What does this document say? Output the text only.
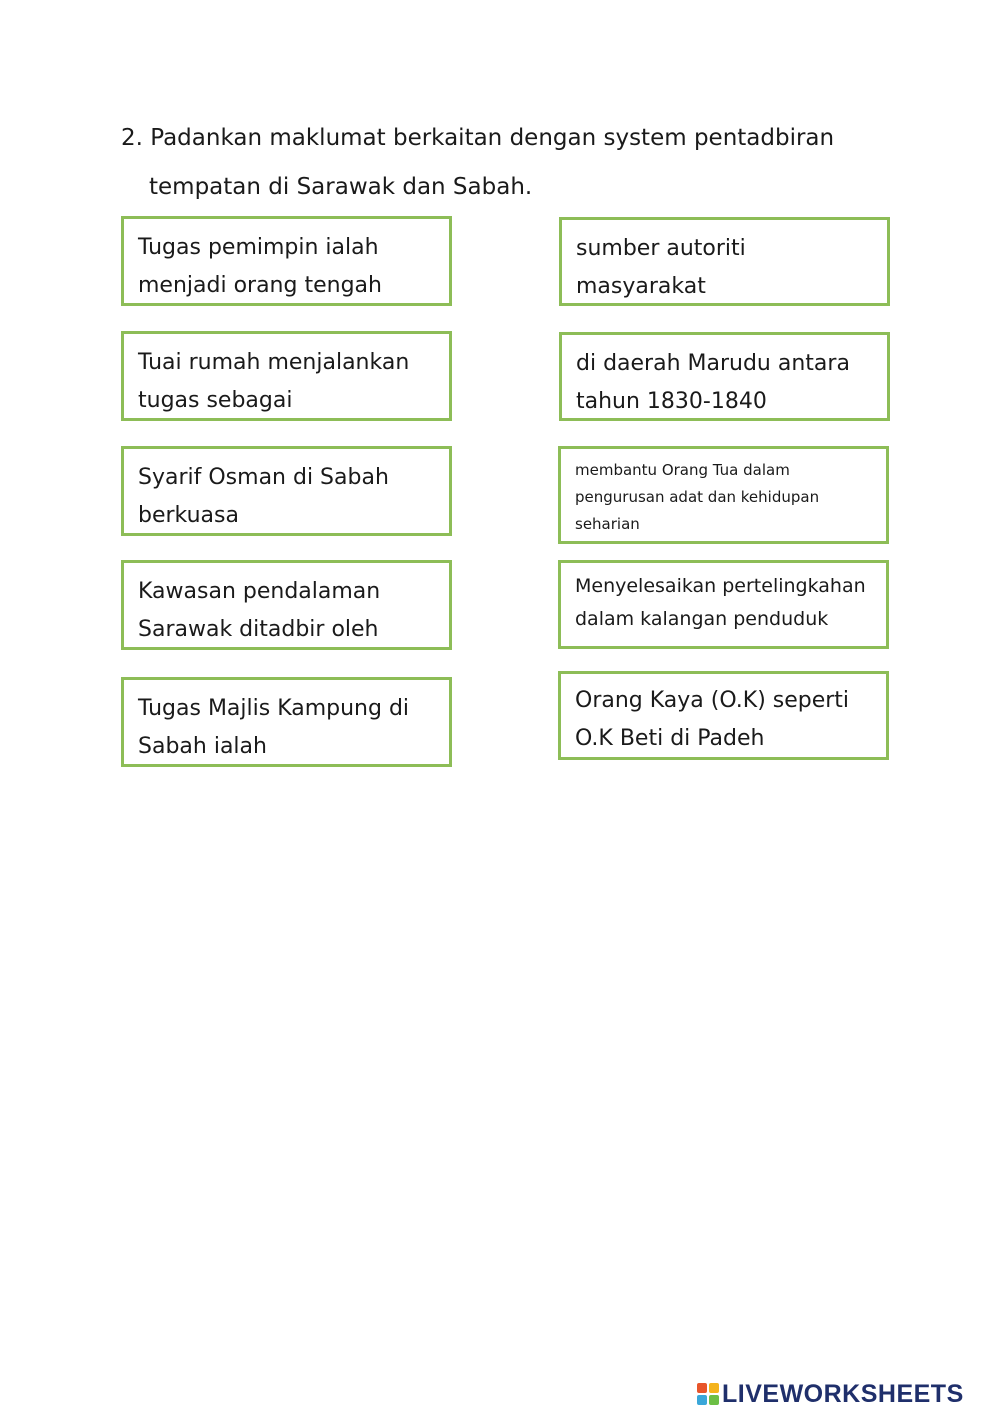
2. Padankan maklumat berkaitan dengan system pentadbiran
tempatan di Sarawak dan Sabah.
Tugas pemimpin ialah
menjadi orang tengah
Tuai rumah menjalankan
tugas sebagai
Syarif Osman di Sabah
berkuasa
Kawasan pendalaman
Sarawak ditadbir oleh
Tugas Majlis Kampung di
Sabah ialah
sumber autoriti
masyarakat
di daerah Marudu antara
tahun 1830-1840
membantu Orang Tua dalam
pengurusan adat dan kehidupan
seharian
Menyelesaikan pertelingkahan
dalam kalangan penduduk
Orang Kaya (O.K) seperti
O.K Beti di Padeh
LIVEWORKSHEETS
